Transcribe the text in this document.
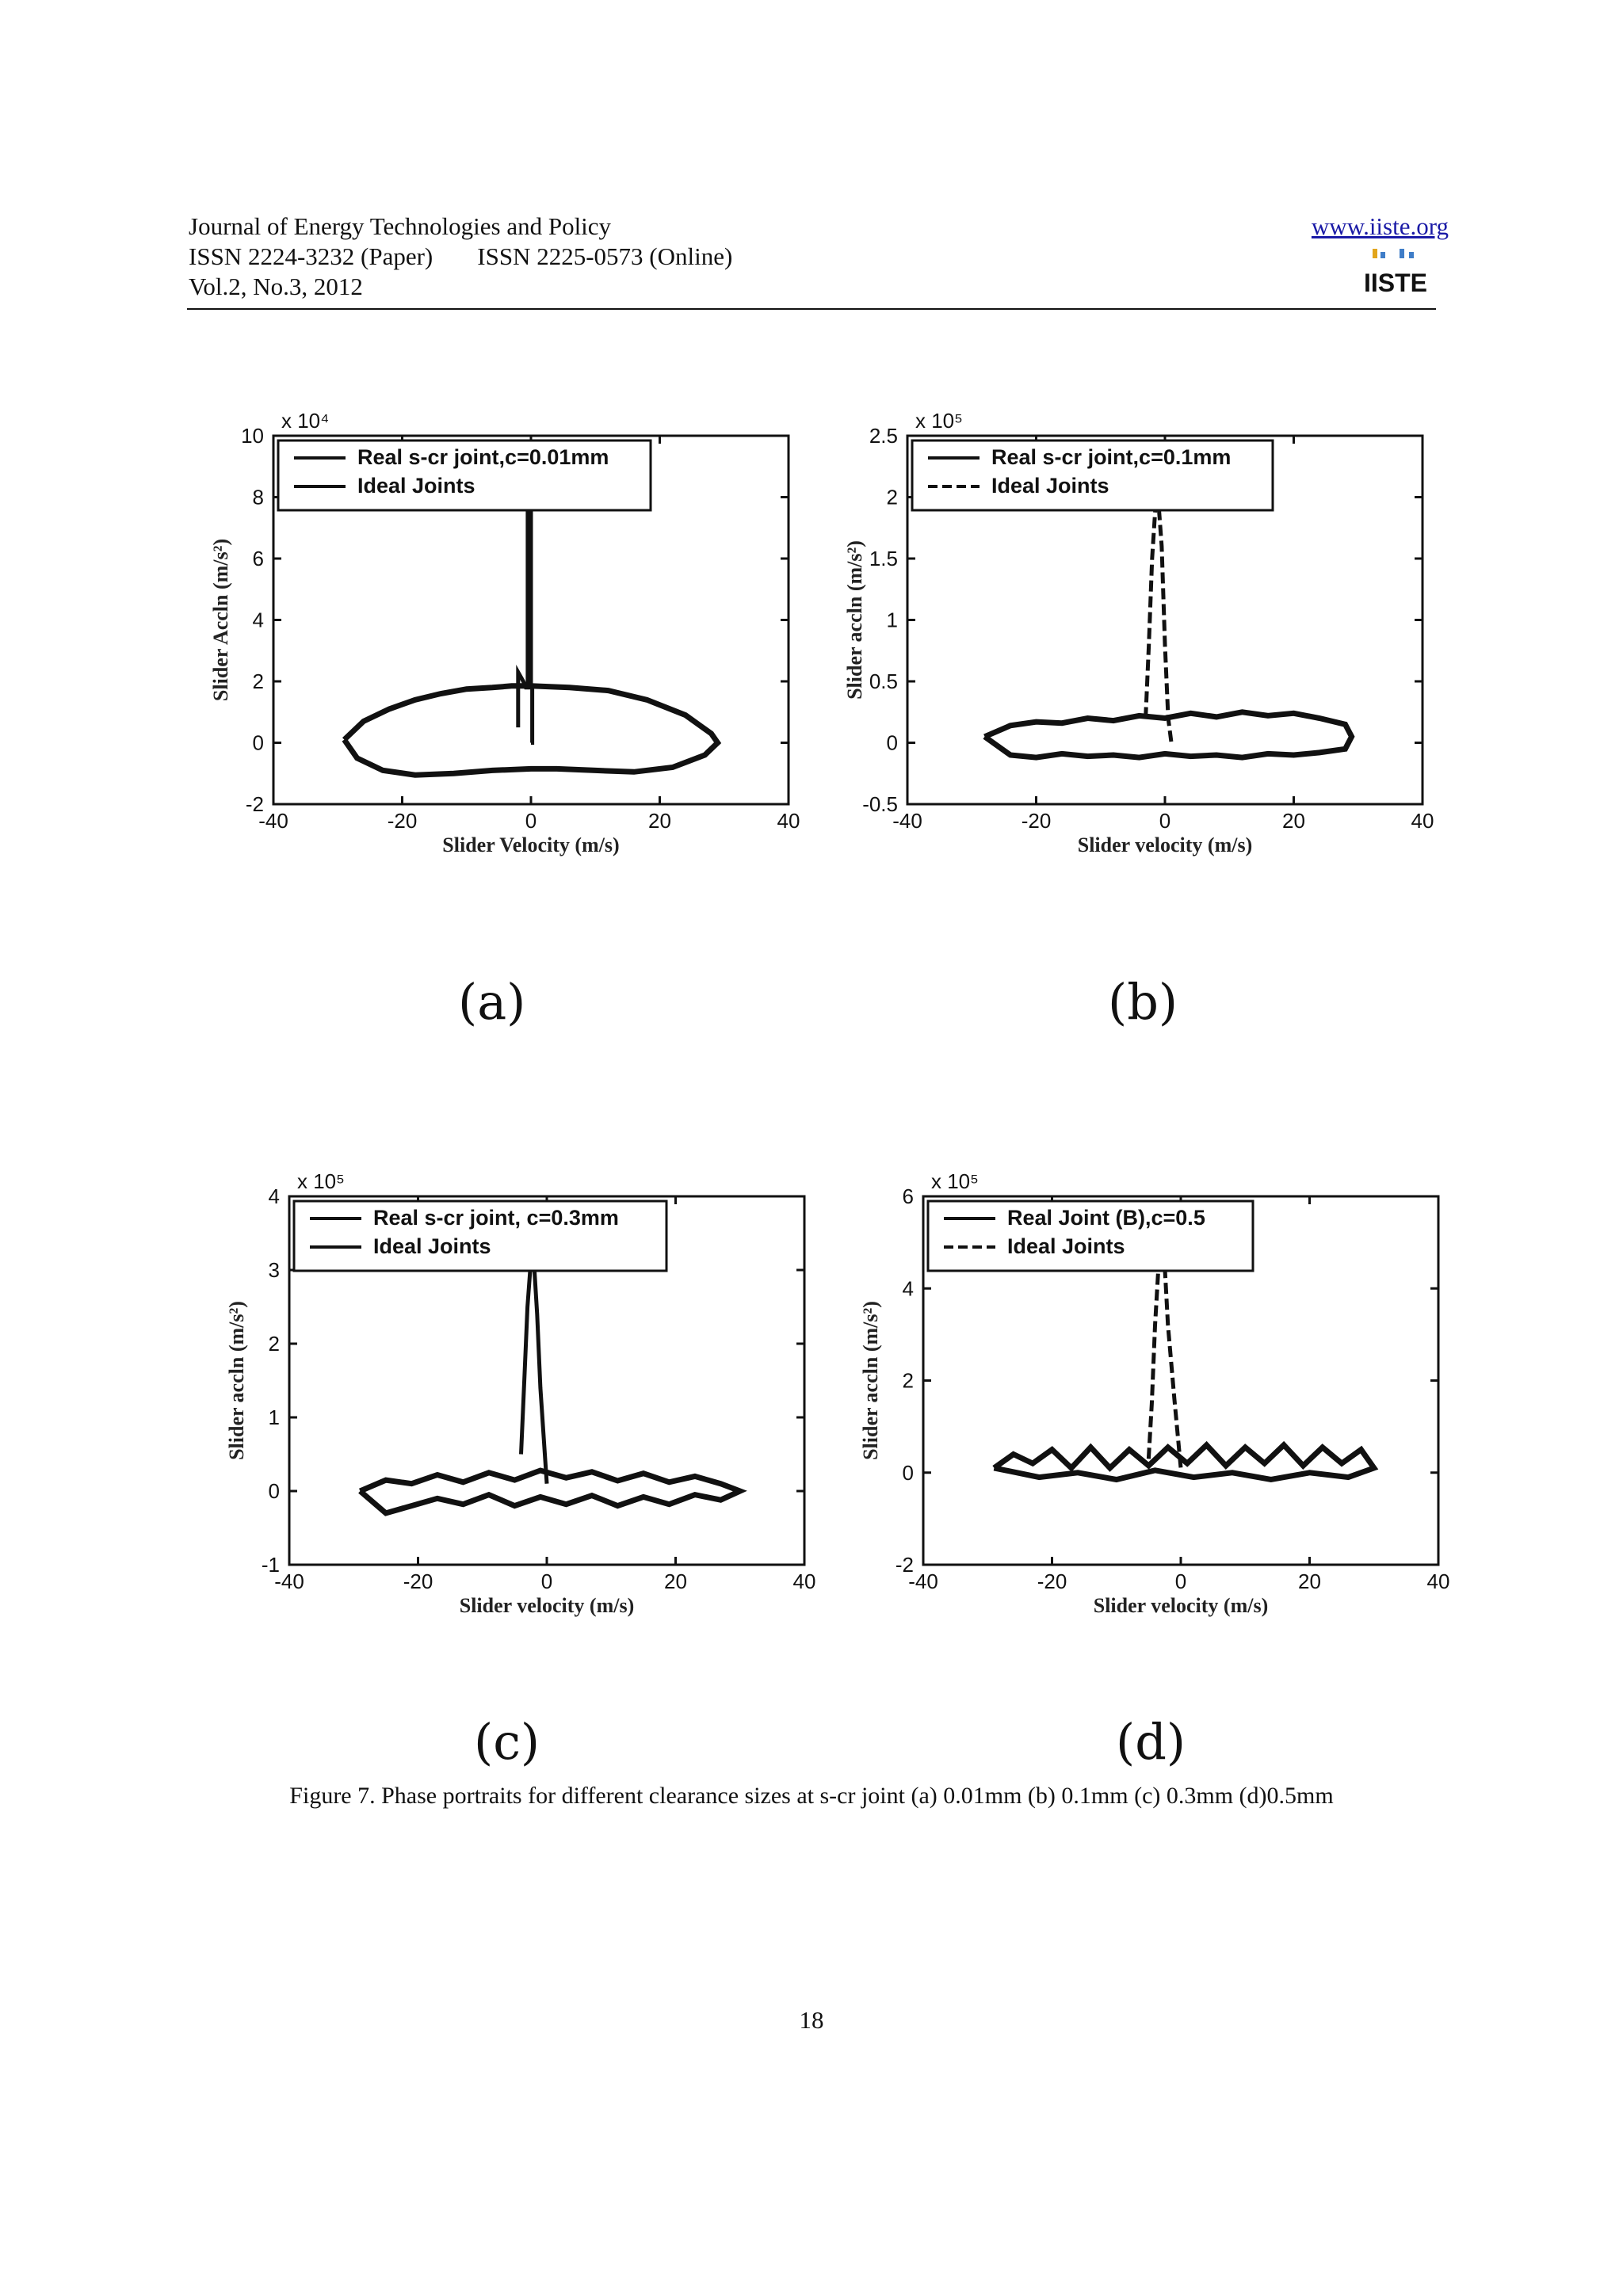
Journal of Energy Technologies and Policy
ISSN 2224-3232 (Paper) ISSN 2225-0573 (Online)
Vol.2, No.3, 2012
www.iiste.org
IISTE
-40	-20	0	20	40
-2
0
2
4
6
8
10
x 10⁴
Slider Velocity (m/s)
Slider Accln (m/s²)
Real s-cr joint,c=0.01mm
Ideal Joints
-40	-20	0	20	40
-0.5
0
0.5
1
1.5
2
2.5
x 10⁵
Slider velocity (m/s)
Slider accln (m/s²)
Real s-cr joint,c=0.1mm
Ideal Joints
-40	-20	0	20	40
-1
0
1
2
3
4
x 10⁵
Slider velocity (m/s)
Slider accln (m/s²)
Real s-cr joint, c=0.3mm
Ideal Joints
-40	-20	0	20	40
-2
0
2
4
6
x 10⁵
Slider velocity (m/s)
Slider accln (m/s²)
Real Joint (B),c=0.5
Ideal Joints
(a)	(b)
(c)	(d)
Figure 7. Phase portraits for different clearance sizes at s-cr joint (a) 0.01mm (b) 0.1mm (c) 0.3mm (d)0.5mm
18
